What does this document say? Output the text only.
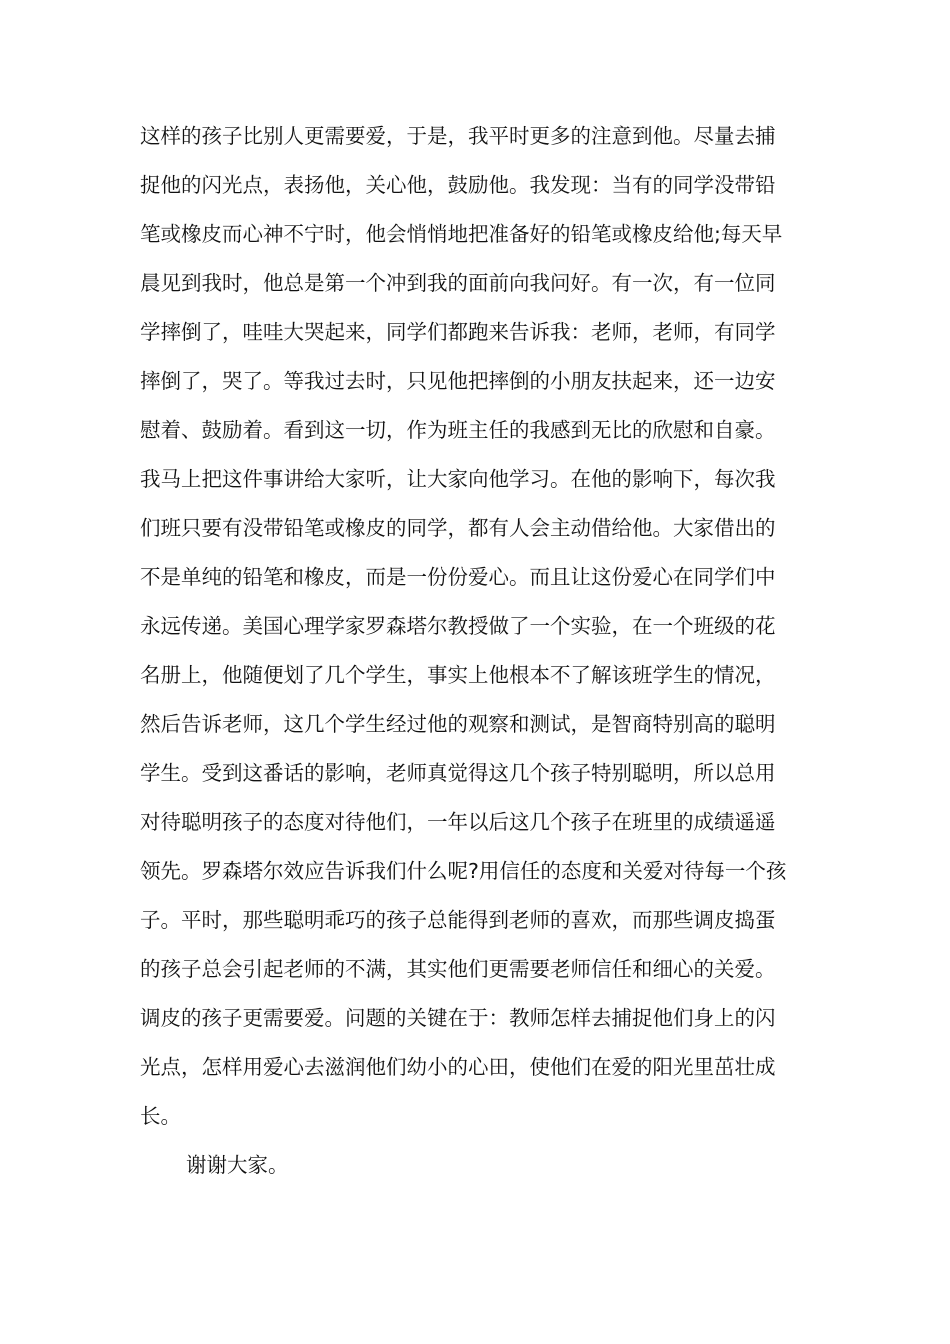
这样的孩子比别人更需要爱，于是，我平时更多的注意到他。尽量去捕
捉他的闪光点，表扬他，关心他，鼓励他。我发现：当有的同学没带铅
笔或橡皮而心神不宁时，他会悄悄地把准备好的铅笔或橡皮给他;每天早
晨见到我时，他总是第一个冲到我的面前向我问好。有一次，有一位同
学摔倒了，哇哇大哭起来，同学们都跑来告诉我：老师，老师，有同学
摔倒了，哭了。等我过去时，只见他把摔倒的小朋友扶起来，还一边安
慰着、鼓励着。看到这一切，作为班主任的我感到无比的欣慰和自豪。
我马上把这件事讲给大家听，让大家向他学习。在他的影响下，每次我
们班只要有没带铅笔或橡皮的同学，都有人会主动借给他。大家借出的
不是单纯的铅笔和橡皮，而是一份份爱心。而且让这份爱心在同学们中
永远传递。美国心理学家罗森塔尔教授做了一个实验，在一个班级的花
名册上，他随便划了几个学生，事实上他根本不了解该班学生的情况，
然后告诉老师，这几个学生经过他的观察和测试，是智商特别高的聪明
学生。受到这番话的影响，老师真觉得这几个孩子特别聪明，所以总用
对待聪明孩子的态度对待他们，一年以后这几个孩子在班里的成绩遥遥
领先。罗森塔尔效应告诉我们什么呢?用信任的态度和关爱对待每一个孩
子。平时，那些聪明乖巧的孩子总能得到老师的喜欢，而那些调皮捣蛋
的孩子总会引起老师的不满，其实他们更需要老师信任和细心的关爱。
调皮的孩子更需要爱。问题的关键在于：教师怎样去捕捉他们身上的闪
光点，怎样用爱心去滋润他们幼小的心田，使他们在爱的阳光里茁壮成
长。
谢谢大家。
